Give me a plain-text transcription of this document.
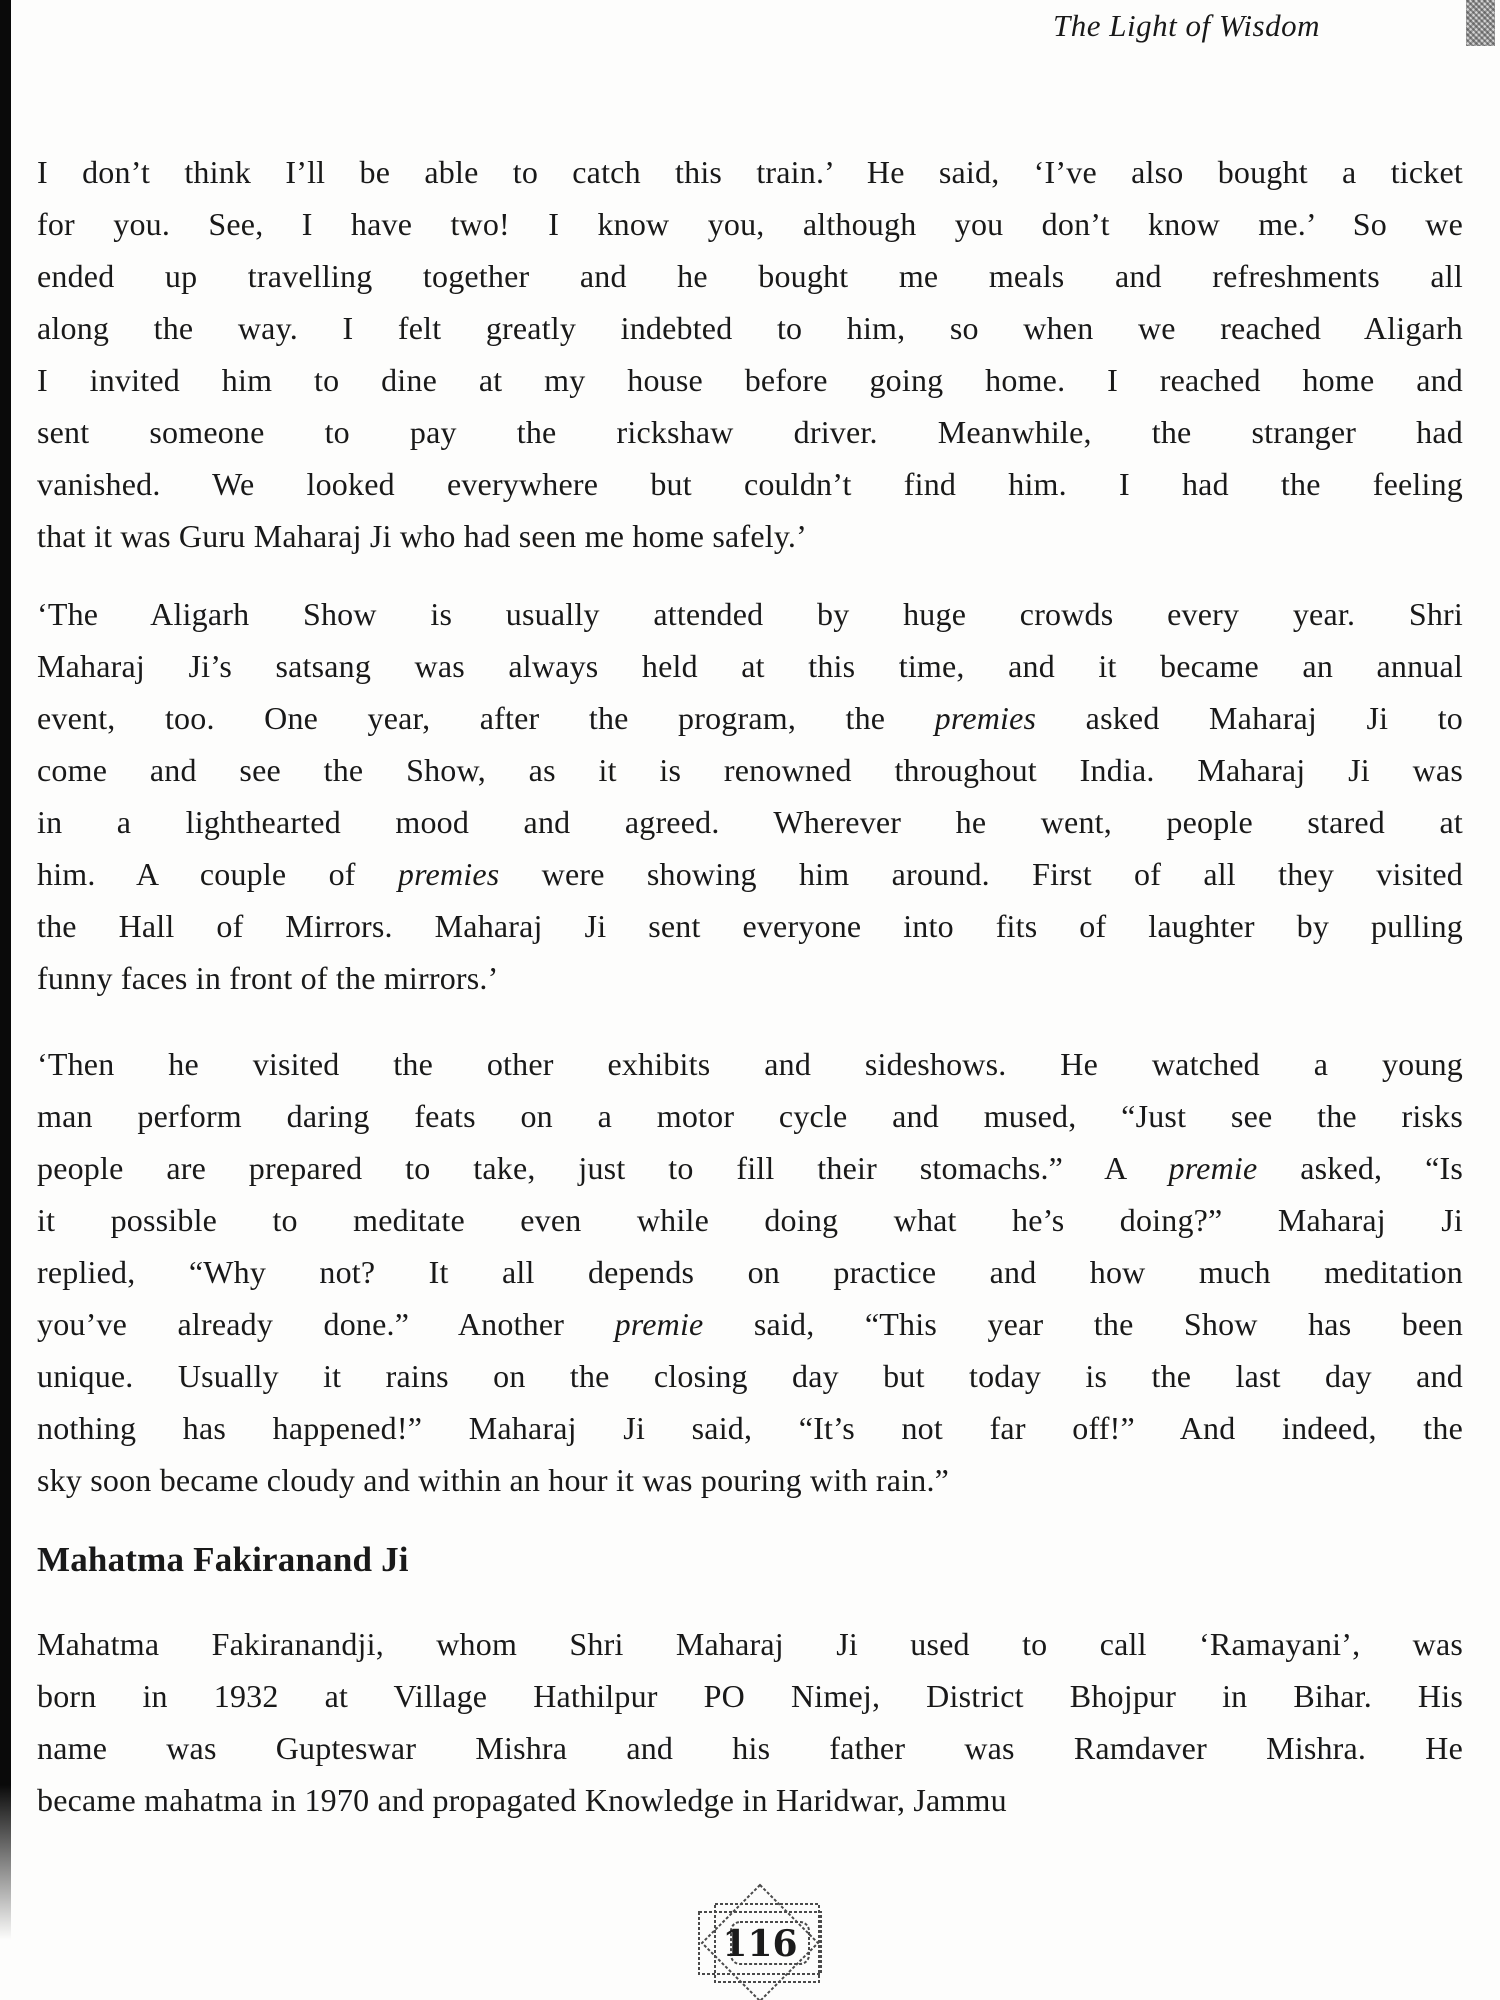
The Light of Wisdom
I don’t think I’ll be able to catch this train.’ He said, ‘I’ve also bought a ticket
for you. See, I have two! I know you, although you don’t know me.’ So we
ended up travelling together and he bought me meals and refreshments all
along the way. I felt greatly indebted to him, so when we reached Aligarh
I invited him to dine at my house before going home. I reached home and
sent someone to pay the rickshaw driver. Meanwhile, the stranger had
vanished. We looked everywhere but couldn’t find him. I had the feeling
that it was Guru Maharaj Ji who had seen me home safely.’
‘The Aligarh Show is usually attended by huge crowds every year. Shri
Maharaj Ji’s satsang was always held at this time, and it became an annual
event, too. One year, after the program, the premies asked Maharaj Ji to
come and see the Show, as it is renowned throughout India. Maharaj Ji was
in a lighthearted mood and agreed. Wherever he went, people stared at
him. A couple of premies were showing him around. First of all they visited
the Hall of Mirrors. Maharaj Ji sent everyone into fits of laughter by pulling
funny faces in front of the mirrors.’
‘Then he visited the other exhibits and sideshows. He watched a young
man perform daring feats on a motor cycle and mused, “Just see the risks
people are prepared to take, just to fill their stomachs.” A premie asked, “Is
it possible to meditate even while doing what he’s doing?” Maharaj Ji
replied, “Why not? It all depends on practice and how much meditation
you’ve already done.” Another premie said, “This year the Show has been
unique. Usually it rains on the closing day but today is the last day and
nothing has happened!” Maharaj Ji said, “It’s not far off!” And indeed, the
sky soon became cloudy and within an hour it was pouring with rain.”
Mahatma Fakiranand Ji
Mahatma Fakiranandji, whom Shri Maharaj Ji used to call ‘Ramayani’, was
born in 1932 at Village Hathilpur PO Nimej, District Bhojpur in Bihar. His
name was Gupteswar Mishra and his father was Ramdaver Mishra. He
became mahatma in 1970 and propagated Knowledge in Haridwar, Jammu
116
